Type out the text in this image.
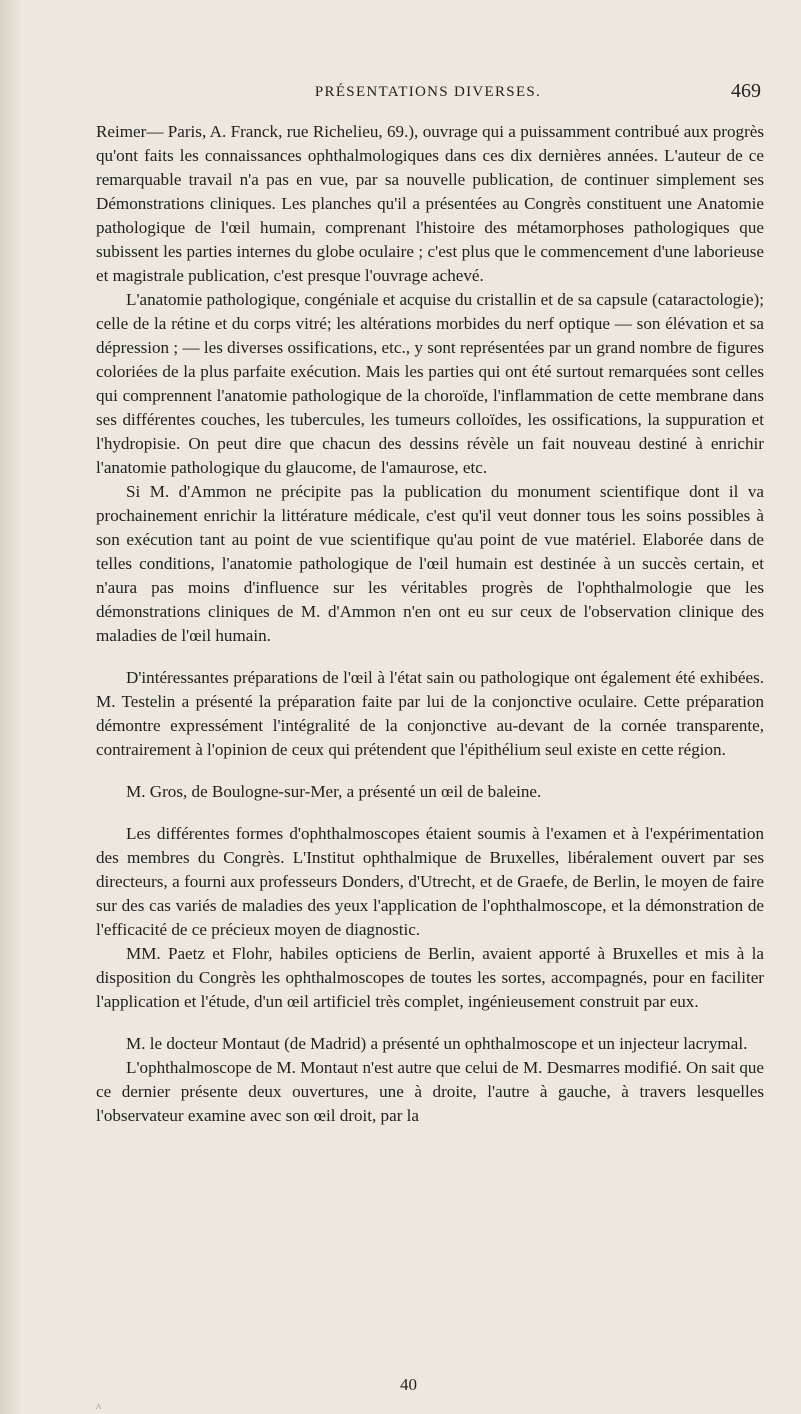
PRÉSENTATIONS DIVERSES.	469

Reimer— Paris, A. Franck, rue Richelieu, 69.), ouvrage qui a puissamment contribué aux progrès qu'ont faits les connaissances ophthalmologiques dans ces dix dernières années. L'auteur de ce remarquable travail n'a pas en vue, par sa nouvelle publication, de continuer simplement ses Démonstrations cliniques. Les planches qu'il a présentées au Congrès constituent une Anatomie pathologique de l'œil humain, comprenant l'histoire des métamorphoses pathologiques que subissent les parties internes du globe oculaire ; c'est plus que le commencement d'une laborieuse et magistrale publication, c'est presque l'ouvrage achevé.

L'anatomie pathologique, congéniale et acquise du cristallin et de sa capsule (cataractologie); celle de la rétine et du corps vitré; les altérations morbides du nerf optique — son élévation et sa dépression ; — les diverses ossifications, etc., y sont représentées par un grand nombre de figures coloriées de la plus parfaite exécution. Mais les parties qui ont été surtout remarquées sont celles qui comprennent l'anatomie pathologique de la choroïde, l'inflammation de cette membrane dans ses différentes couches, les tubercules, les tumeurs colloïdes, les ossifications, la suppuration et l'hydropisie. On peut dire que chacun des dessins révèle un fait nouveau destiné à enrichir l'anatomie pathologique du glaucome, de l'amaurose, etc.

Si M. d'Ammon ne précipite pas la publication du monument scientifique dont il va prochainement enrichir la littérature médicale, c'est qu'il veut donner tous les soins possibles à son exécution tant au point de vue scientifique qu'au point de vue matériel. Elaborée dans de telles conditions, l'anatomie pathologique de l'œil humain est destinée à un succès certain, et n'aura pas moins d'influence sur les véritables progrès de l'ophthalmologie que les démonstrations cliniques de M. d'Ammon n'en ont eu sur ceux de l'observation clinique des maladies de l'œil humain.

D'intéressantes préparations de l'œil à l'état sain ou pathologique ont également été exhibées. M. Testelin a présenté la préparation faite par lui de la conjonctive oculaire. Cette préparation démontre expressément l'intégralité de la conjonctive au-devant de la cornée transparente, contrairement à l'opinion de ceux qui prétendent que l'épithélium seul existe en cette région.

M. Gros, de Boulogne-sur-Mer, a présenté un œil de baleine.

Les différentes formes d'ophthalmoscopes étaient soumis à l'examen et à l'expérimentation des membres du Congrès. L'Institut ophthalmique de Bruxelles, libéralement ouvert par ses directeurs, a fourni aux professeurs Donders, d'Utrecht, et de Graefe, de Berlin, le moyen de faire sur des cas variés de maladies des yeux l'application de l'ophthalmoscope, et la démonstration de l'efficacité de ce précieux moyen de diagnostic.

MM. Paetz et Flohr, habiles opticiens de Berlin, avaient apporté à Bruxelles et mis à la disposition du Congrès les ophthalmoscopes de toutes les sortes, accompagnés, pour en faciliter l'application et l'étude, d'un œil artificiel très complet, ingénieusement construit par eux.

M. le docteur Montaut (de Madrid) a présenté un ophthalmoscope et un injecteur lacrymal.

L'ophthalmoscope de M. Montaut n'est autre que celui de M. Desmarres modifié. On sait que ce dernier présente deux ouvertures, une à droite, l'autre à gauche, à travers lesquelles l'observateur examine avec son œil droit, par la

40
^
